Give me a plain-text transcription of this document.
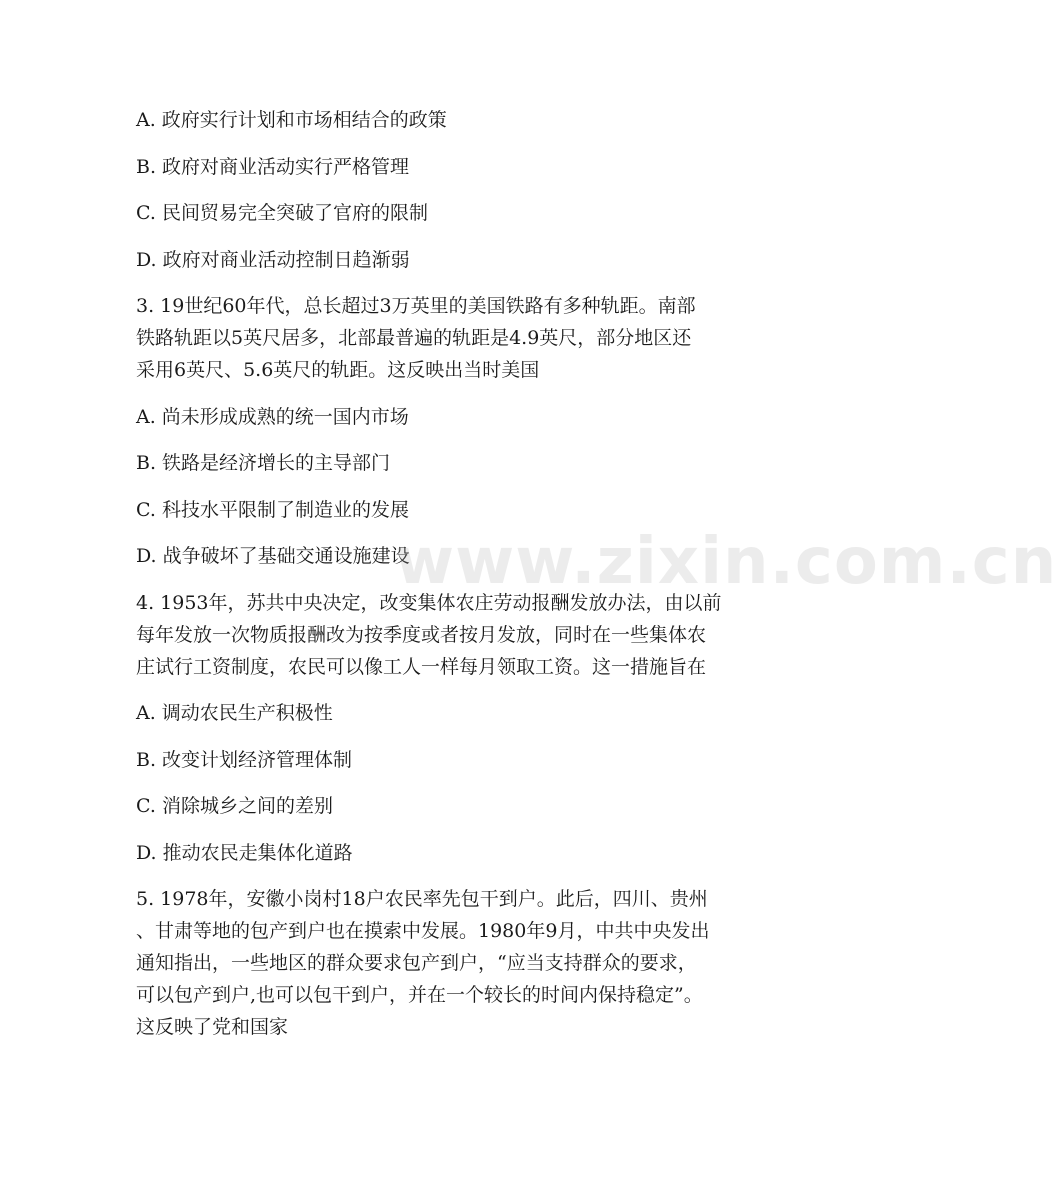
A. 政府实行计划和市场相结合的政策
B. 政府对商业活动实行严格管理
C. 民间贸易完全突破了官府的限制
D. 政府对商业活动控制日趋渐弱
3. 19世纪60年代，总长超过3万英里的美国铁路有多种轨距。南部
铁路轨距以5英尺居多，北部最普遍的轨距是4.9英尺，部分地区还
采用6英尺、5.6英尺的轨距。这反映出当时美国
A. 尚未形成成熟的统一国内市场
B. 铁路是经济增长的主导部门
C. 科技水平限制了制造业的发展
D. 战争破坏了基础交通设施建设
4. 1953年，苏共中央决定，改变集体农庄劳动报酬发放办法，由以前
每年发放一次物质报酬改为按季度或者按月发放，同时在一些集体农
庄试行工资制度，农民可以像工人一样每月领取工资。这一措施旨在
A. 调动农民生产积极性
B. 改变计划经济管理体制
C. 消除城乡之间的差别
D. 推动农民走集体化道路
5. 1978年，安徽小岗村18户农民率先包干到户。此后，四川、贵州
、甘肃等地的包产到户也在摸索中发展。1980年9月，中共中央发出
通知指出，一些地区的群众要求包产到户，“应当支持群众的要求，
可以包产到户,也可以包干到户，并在一个较长的时间内保持稳定”。
这反映了党和国家
www.zixin.com.cn
